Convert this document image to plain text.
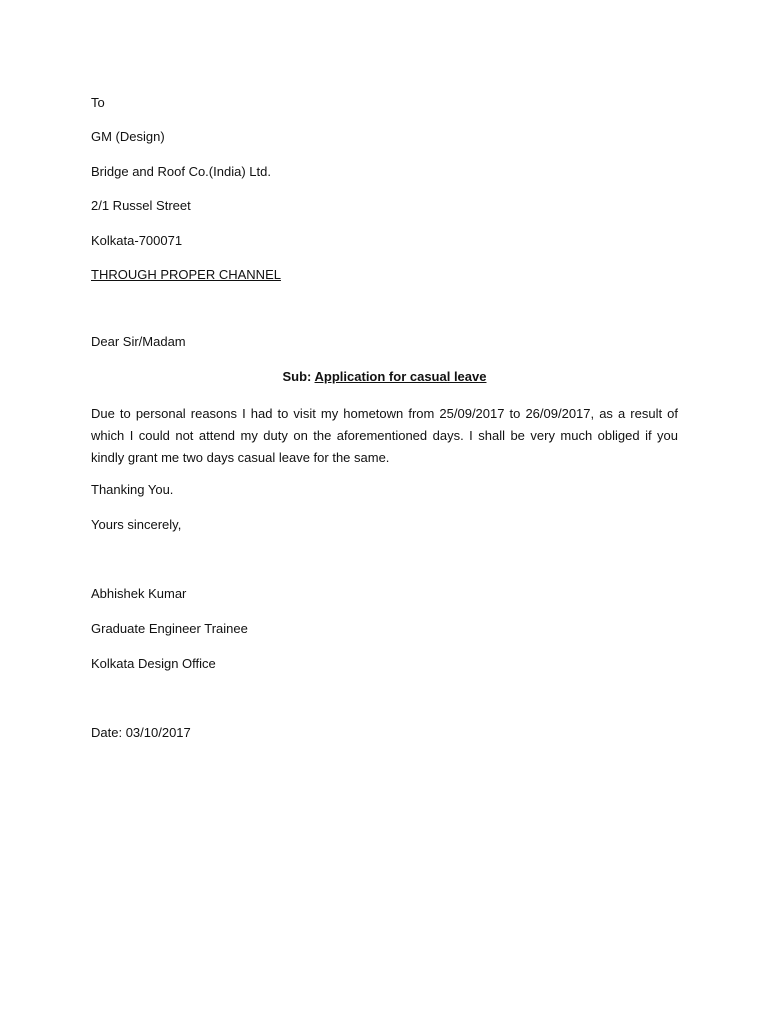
To

GM (Design)

Bridge and Roof Co.(India) Ltd.

2/1 Russel Street

Kolkata-700071

THROUGH PROPER CHANNEL

Dear Sir/Madam

Sub: Application for casual leave

Due to personal reasons I had to visit my hometown from 25/09/2017 to 26/09/2017, as a result of which I could not attend my duty on the aforementioned days. I shall be very much obliged if you kindly grant me two days casual leave for the same.

Thanking You.

Yours sincerely,

Abhishek Kumar

Graduate Engineer Trainee

Kolkata Design Office

Date: 03/10/2017
